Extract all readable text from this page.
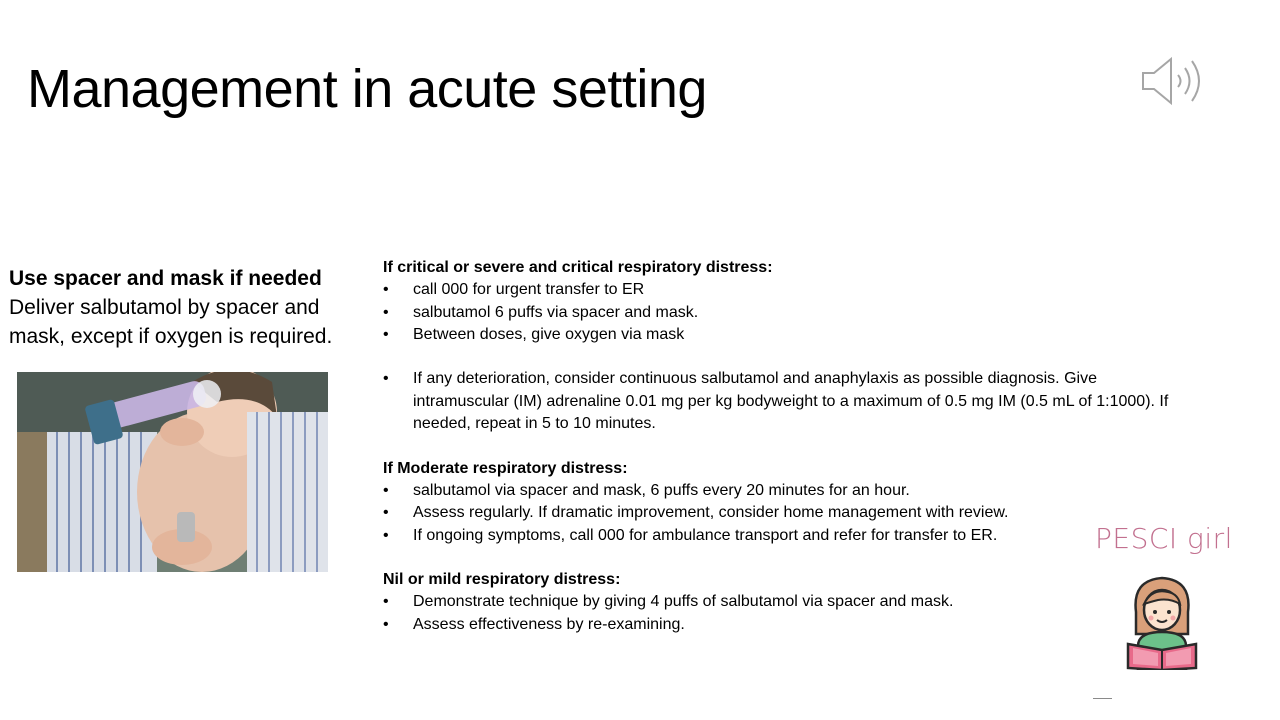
Management in acute setting
Use spacer and mask if needed
Deliver salbutamol by spacer and mask, except if oxygen is required.
If critical or severe and critical respiratory distress:
• call 000 for urgent transfer to ER
• salbutamol 6 puffs via spacer and mask.
• Between doses, give oxygen via mask
• If any deterioration, consider continuous salbutamol and anaphylaxis as possible diagnosis. Give intramuscular (IM) adrenaline 0.01 mg per kg bodyweight to a maximum of 0.5 mg IM (0.5 mL of 1:1000). If needed, repeat in 5 to 10 minutes.
If Moderate respiratory distress:
• salbutamol via spacer and mask, 6 puffs every 20 minutes for an hour.
• Assess regularly. If dramatic improvement, consider home management with review.
• If ongoing symptoms, call 000 for ambulance transport and refer for transfer to ER.
Nil or mild respiratory distress:
• Demonstrate technique by giving 4 puffs of salbutamol via spacer and mask.
• Assess effectiveness by re-examining.
PESCI girl
